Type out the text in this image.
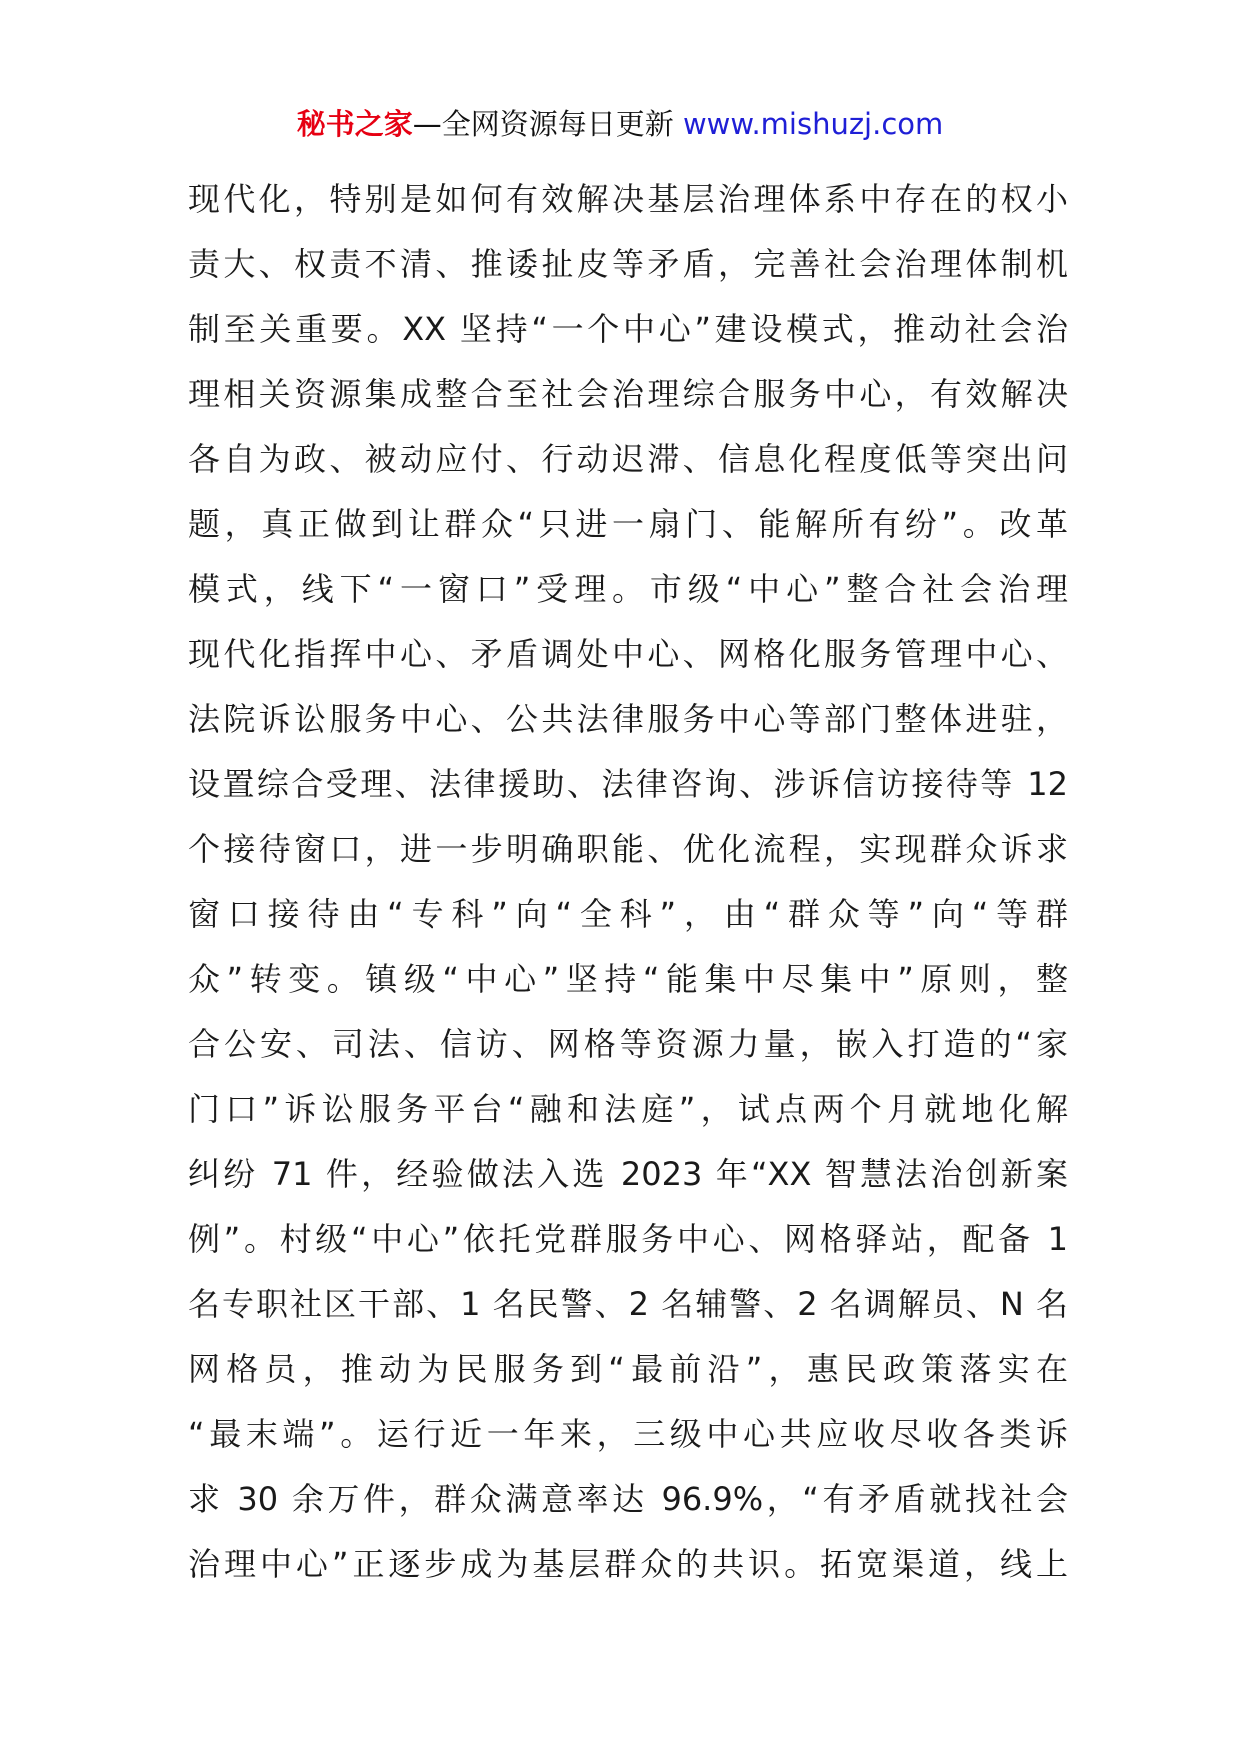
秘书之家—全网资源每日更新 www.mishuzj.com
现代化，特别是如何有效解决基层治理体系中存在的权小
责大、权责不清、推诿扯皮等矛盾，完善社会治理体制机
制至关重要。XX 坚持“一个中心”建设模式，推动社会治
理相关资源集成整合至社会治理综合服务中心，有效解决
各自为政、被动应付、行动迟滞、信息化程度低等突出问
题，真正做到让群众“只进一扇门、能解所有纷”。改革
模式，线下“一窗口”受理。市级“中心”整合社会治理
现代化指挥中心、矛盾调处中心、网格化服务管理中心、
法院诉讼服务中心、公共法律服务中心等部门整体进驻，
设置综合受理、法律援助、法律咨询、涉诉信访接待等 12
个接待窗口，进一步明确职能、优化流程，实现群众诉求
窗口接待由“专科”向“全科”，由“群众等”向“等群
众”转变。镇级“中心”坚持“能集中尽集中”原则，整
合公安、司法、信访、网格等资源力量，嵌入打造的“家
门口”诉讼服务平台“融和法庭”，试点两个月就地化解
纠纷 71 件，经验做法入选 2023 年“XX 智慧法治创新案
例”。村级“中心”依托党群服务中心、网格驿站，配备 1
名专职社区干部、1 名民警、2 名辅警、2 名调解员、N 名
网格员，推动为民服务到“最前沿”，惠民政策落实在
“最末端”。运行近一年来，三级中心共应收尽收各类诉
求 30 余万件，群众满意率达 96.9%，“有矛盾就找社会
治理中心”正逐步成为基层群众的共识。拓宽渠道，线上
